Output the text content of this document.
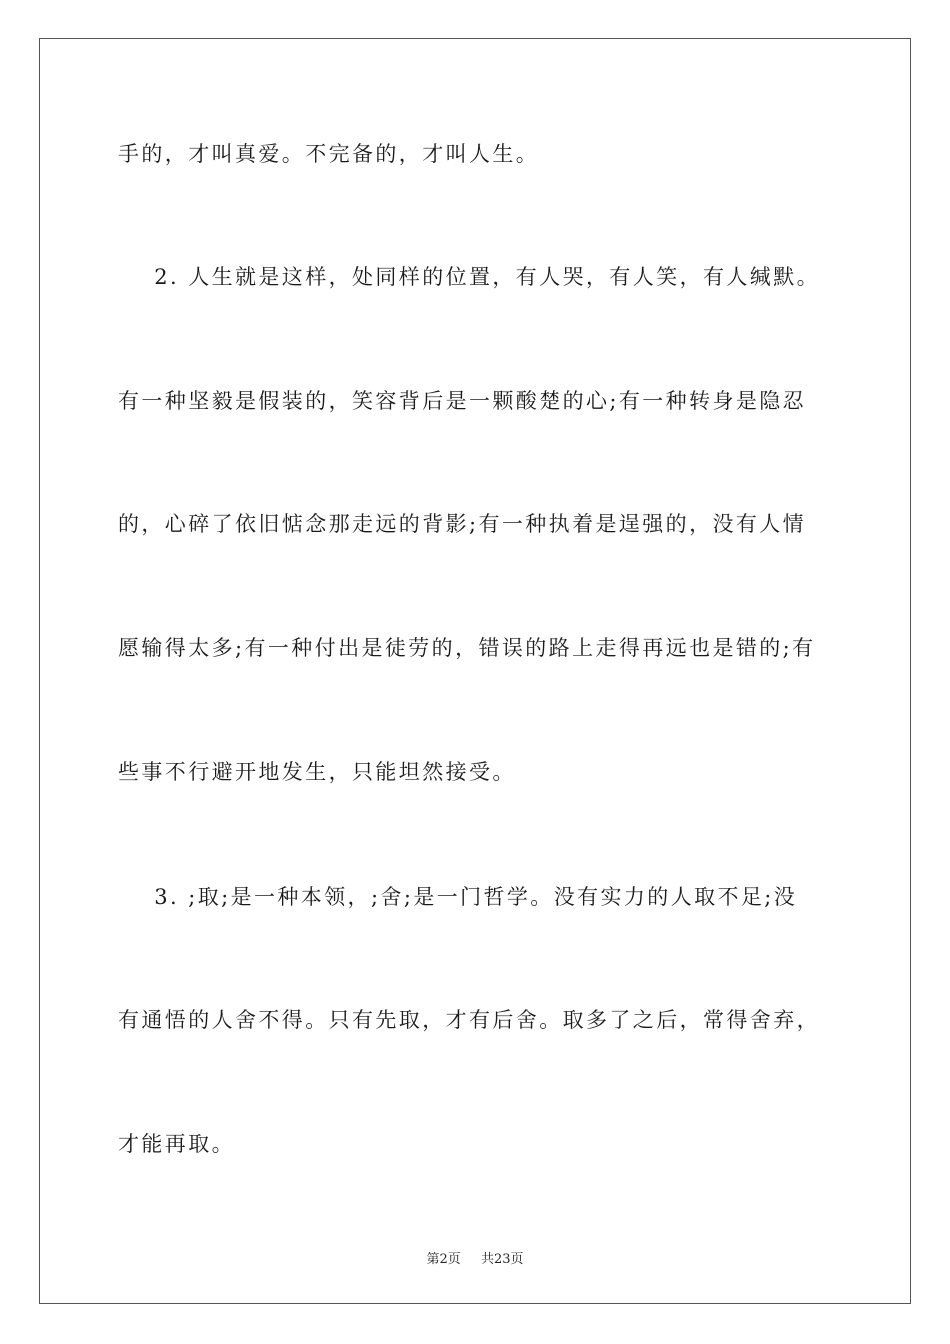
手的，才叫真爱。不完备的，才叫人生。
2. 人生就是这样，处同样的位置，有人哭，有人笑，有人缄默。
有一种坚毅是假装的，笑容背后是一颗酸楚的心;有一种转身是隐忍
的，心碎了依旧惦念那走远的背影;有一种执着是逞强的，没有人情
愿输得太多;有一种付出是徒劳的，错误的路上走得再远也是错的;有
些事不行避开地发生，只能坦然接受。
3. ;取;是一种本领，;舍;是一门哲学。没有实力的人取不足;没
有通悟的人舍不得。只有先取，才有后舍。取多了之后，常得舍弃，
才能再取。
第2页 共23页
